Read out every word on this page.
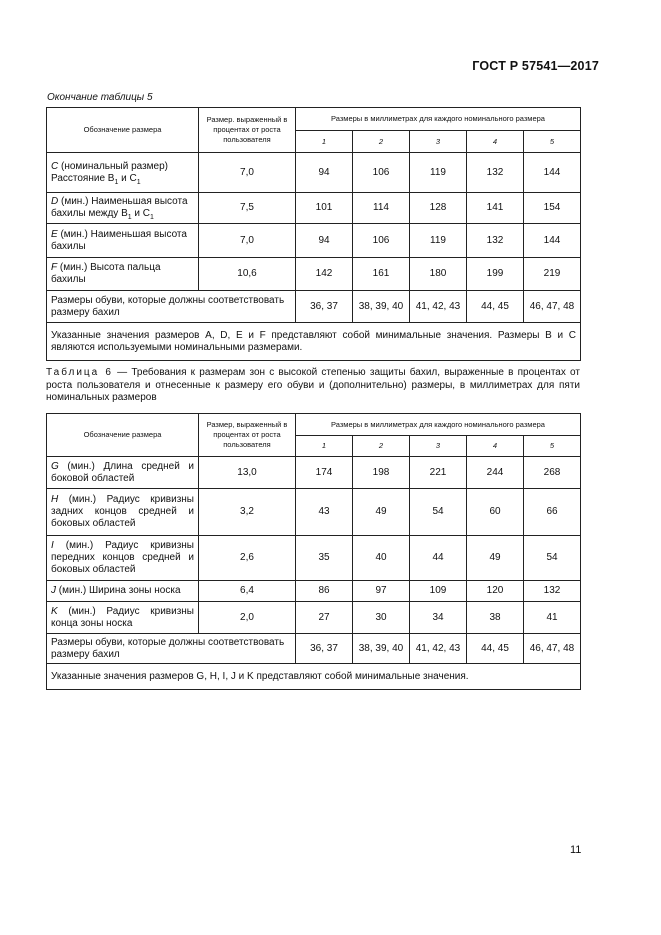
ГОСТ Р 57541—2017
Окончание таблицы 5
Обозначение размера	Размер. выраженный в процентах от роста пользователя	Размеры в миллиметрах для каждого номинального размера				
		1	2	3	4	5
C (номинальный размер) Расстояние $B_1$ и $C_1$	7,0	94	106	119	132	144
D (мин.) Наименьшая высота бахилы между $B_1$ и $C_1$	7,5	101	114	128	141	154
E (мин.) Наименьшая высота бахилы	7,0	94	106	119	132	144
F (мин.) Высота пальца бахилы	10,6	142	161	180	199	219
Размеры обуви, которые должны соответствовать размеру бахил		36, 37	38, 39, 40	41, 42, 43	44, 45	46, 47, 48
Указанные значения размеров A, D, E и F представляют собой минимальные значения. Размеры B и C являются используемыми номинальными размерами.						
Таблица 6 — Требования к размерам зон с высокой степенью защиты бахил, выраженные в процентах от роста пользователя и отнесенные к размеру его обуви и (дополнительно) размеры, в миллиметрах для пяти номинальных размеров
Обозначение размера	Размер, выраженный в процентах от роста пользователя	Размеры в миллиметрах для каждого номинального размера				
		1	2	3	4	5
G (мин.) Длина средней и боковой областей	13,0	174	198	221	244	268
H (мин.) Радиус кривизны задних концов средней и боковых областей	3,2	43	49	54	60	66
I (мин.) Радиус кривизны передних концов средней и боковых областей	2,6	35	40	44	49	54
J (мин.) Ширина зоны носка	6,4	86	97	109	120	132
K (мин.) Радиус кривизны конца зоны носка	2,0	27	30	34	38	41
Размеры обуви, которые должны соответствовать размеру бахил		36, 37	38, 39, 40	41, 42, 43	44, 45	46, 47, 48
Указанные значения размеров G, H, I, J и K представляют собой минимальные значения.						
11
